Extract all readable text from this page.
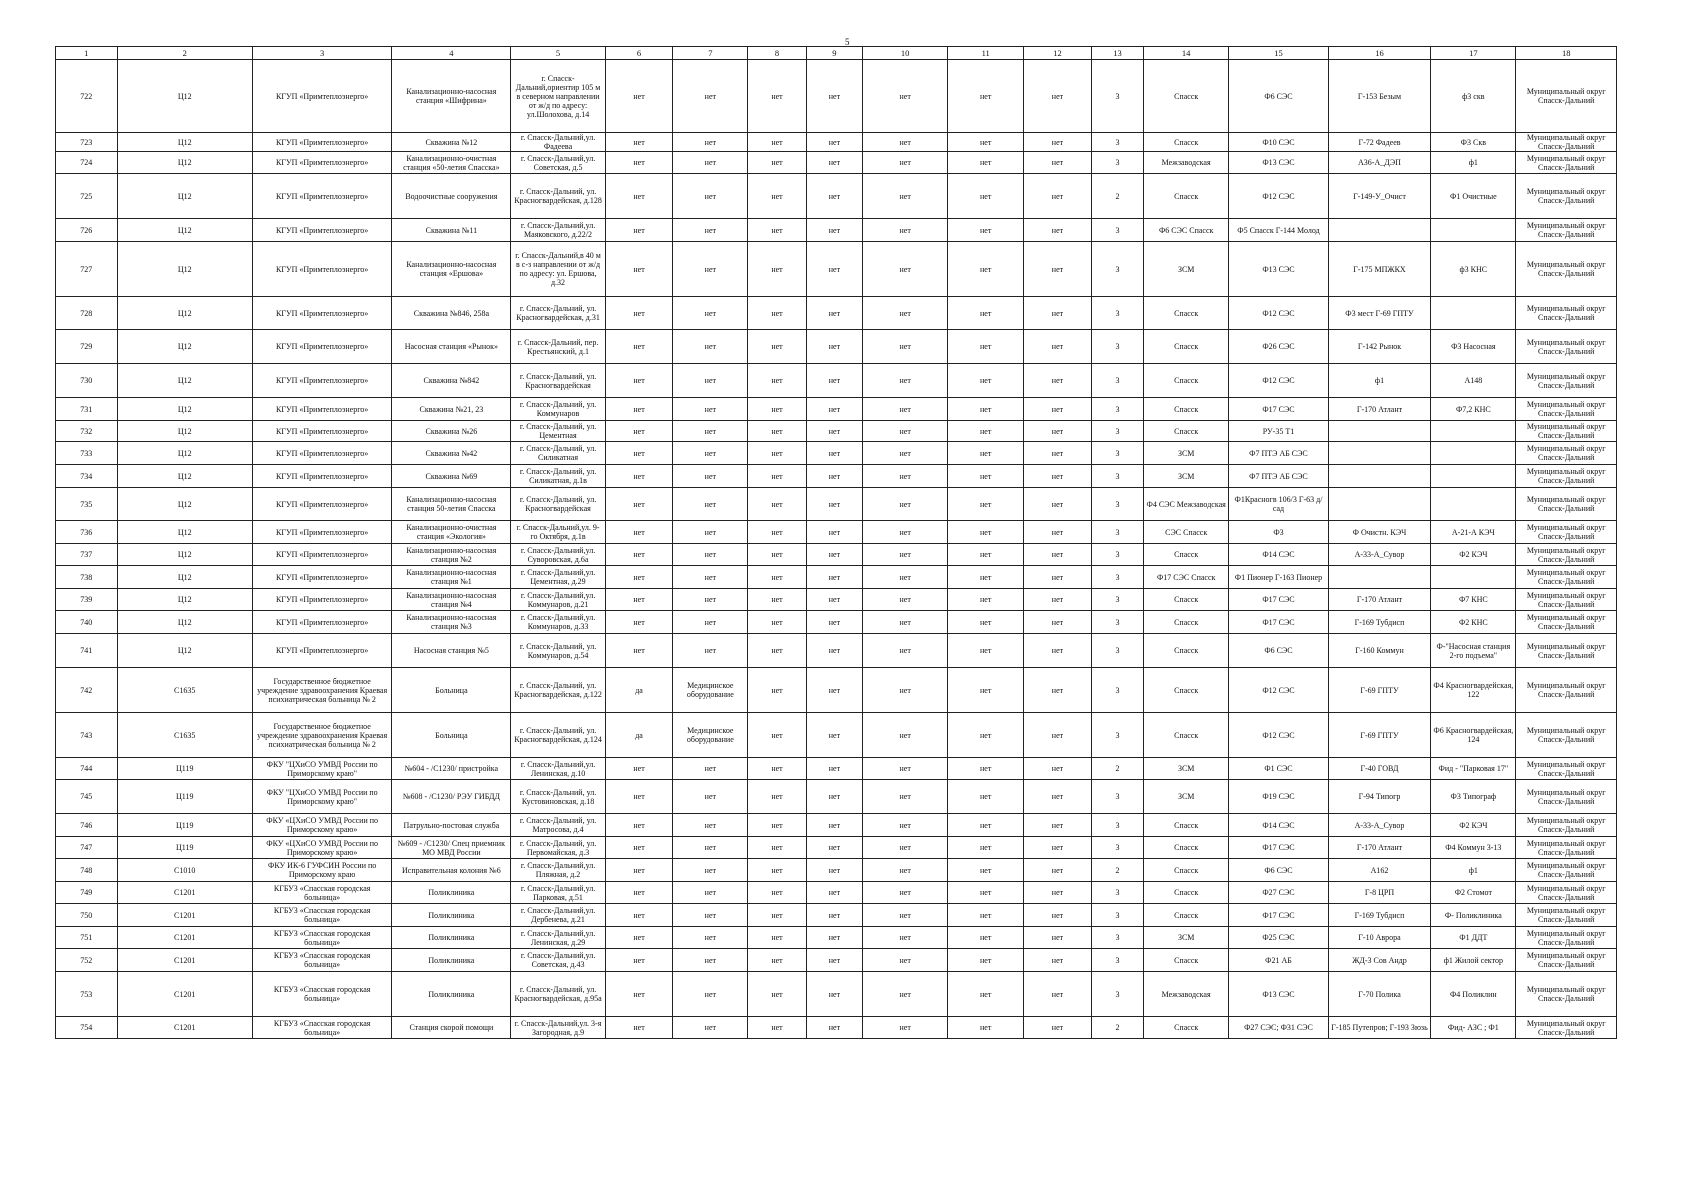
5
1	2	3	4	5	6	7	8	9	10	11	12	13	14	15	16	17	18
722	Ц12	КГУП «Примтеплоэнерго»	Канализационно-насосная станция «Шифрина»	г. Спасск-Дальний,ориентир 105 м в северном направлении от ж/д по адресу: ул.Шолохова, д.14	нет	нет	нет	нет	нет	нет	нет	3	Спасск	Ф6 СЭС	Г-153 Безым	ф3 скв	Муниципальный округ Спасск-Дальний
723	Ц12	КГУП «Примтеплоэнерго»	Скважина №12	г. Спасск-Дальний,ул. Фадеева	нет	нет	нет	нет	нет	нет	нет	3	Спасск	Ф10 СЭС	Г-72 Фадеев	Ф3 Скв	Муниципальный округ Спасск-Дальний
724	Ц12	КГУП «Примтеплоэнерго»	Канализационно-очистная станция «50-летия Спасска»	г. Спасск-Дальний,ул. Советская, д.5	нет	нет	нет	нет	нет	нет	нет	3	Межзаводская	Ф13 СЭС	А36-А_ДЭП	ф1	Муниципальный округ Спасск-Дальний
725	Ц12	КГУП «Примтеплоэнерго»	Водоочистные сооружения	г. Спасск-Дальний, ул. Красногвардейская, д.128	нет	нет	нет	нет	нет	нет	нет	2	Спасск	Ф12 СЭС	Г-149-У_Очист	Ф1 Очистные	Муниципальный округ Спасск-Дальний
726	Ц12	КГУП «Примтеплоэнерго»	Скважина №11	г. Спасск-Дальний,ул. Маяковского, д.22/2	нет	нет	нет	нет	нет	нет	нет	3	Ф6 СЭС Спасск	Ф5 Спасск Г-144 Молод			Муниципальный округ Спасск-Дальний
727	Ц12	КГУП «Примтеплоэнерго»	Канализационно-насосная станция «Ершова»	г. Спасск-Дальний,в 40 м в с-з направлении от ж/д по адресу: ул. Ершова, д.32	нет	нет	нет	нет	нет	нет	нет	3	ЗСМ	Ф13 СЭС	Г-175 МПЖКХ	ф3 КНС	Муниципальный округ Спасск-Дальний
728	Ц12	КГУП «Примтеплоэнерго»	Скважина №846, 258а	г. Спасск-Дальний, ул. Красногвардейская, д.31	нет	нет	нет	нет	нет	нет	нет	3	Спасск	Ф12 СЭС	Ф3 мест Г-69 ГПТУ		Муниципальный округ Спасск-Дальний
729	Ц12	КГУП «Примтеплоэнерго»	Насосная станция «Рынок»	г. Спасск-Дальний, пер. Крестьянский, д.1	нет	нет	нет	нет	нет	нет	нет	3	Спасск	Ф26 СЭС	Г-142 Рынок	Ф3 Насосная	Муниципальный округ Спасск-Дальний
730	Ц12	КГУП «Примтеплоэнерго»	Скважина №842	г. Спасск-Дальний, ул. Красногвардейская	нет	нет	нет	нет	нет	нет	нет	3	Спасск	Ф12 СЭС	ф1	А148	Муниципальный округ Спасск-Дальний
731	Ц12	КГУП «Примтеплоэнерго»	Скважина №21, 23	г. Спасск-Дальний, ул. Коммунаров	нет	нет	нет	нет	нет	нет	нет	3	Спасск	Ф17 СЭС	Г-170 Атлант	Ф7,2 КНС	Муниципальный округ Спасск-Дальний
732	Ц12	КГУП «Примтеплоэнерго»	Скважина №26	г. Спасск-Дальний, ул. Цементная	нет	нет	нет	нет	нет	нет	нет	3	Спасск	РУ-35 Т1			Муниципальный округ Спасск-Дальний
733	Ц12	КГУП «Примтеплоэнерго»	Скважина №42	г. Спасск-Дальний, ул. Силикатная	нет	нет	нет	нет	нет	нет	нет	3	ЗСМ	Ф7 ПТЭ АБ СЭС			Муниципальный округ Спасск-Дальний
734	Ц12	КГУП «Примтеплоэнерго»	Скважина №69	г. Спасск-Дальний, ул. Силикатная, д.1в	нет	нет	нет	нет	нет	нет	нет	3	ЗСМ	Ф7 ПТЭ АБ СЭС			Муниципальный округ Спасск-Дальний
735	Ц12	КГУП «Примтеплоэнерго»	Канализационно-насосная станция 50-летия Спасска	г. Спасск-Дальний, ул. Красногвардейская	нет	нет	нет	нет	нет	нет	нет	3	Ф4 СЭС Межзаводская	Ф1Красногв 106/3 Г-63 д/сад			Муниципальный округ Спасск-Дальний
736	Ц12	КГУП «Примтеплоэнерго»	Канализационно-очистная станция «Экология»	г. Спасск-Дальний,ул. 9-го Октября, д.1в	нет	нет	нет	нет	нет	нет	нет	3	СЭС Спасск	Ф3	Ф Очистн. КЭЧ	А-21-А КЭЧ	Муниципальный округ Спасск-Дальний
737	Ц12	КГУП «Примтеплоэнерго»	Канализационно-насосная станция №2	г. Спасск-Дальний,ул. Суворовская, д.6а	нет	нет	нет	нет	нет	нет	нет	3	Спасск	Ф14 СЭС	А-33-А_Сувор	Ф2 КЭЧ	Муниципальный округ Спасск-Дальний
738	Ц12	КГУП «Примтеплоэнерго»	Канализационно-насосная станция №1	г. Спасск-Дальний,ул. Цементная, д.29	нет	нет	нет	нет	нет	нет	нет	3	Ф17 СЭС Спасск	Ф1 Пионер Г-163 Пионер			Муниципальный округ Спасск-Дальний
739	Ц12	КГУП «Примтеплоэнерго»	Канализационно-насосная станция №4	г. Спасск-Дальний,ул. Коммунаров, д.21	нет	нет	нет	нет	нет	нет	нет	3	Спасск	Ф17 СЭС	Г-170 Атлант	Ф7 КНС	Муниципальный округ Спасск-Дальний
740	Ц12	КГУП «Примтеплоэнерго»	Канализационно-насосная станция №3	г. Спасск-Дальний,ул. Коммунаров, д.33	нет	нет	нет	нет	нет	нет	нет	3	Спасск	Ф17 СЭС	Г-169 Тубдисп	Ф2 КНС	Муниципальный округ Спасск-Дальний
741	Ц12	КГУП «Примтеплоэнерго»	Насосная станция №5	г. Спасск-Дальний, ул. Коммунаров, д.54	нет	нет	нет	нет	нет	нет	нет	3	Спасск	Ф6 СЭС	Г-160 Коммун	Ф-"Насосная станция 2-го подъема"	Муниципальный округ Спасск-Дальний
742	С1635	Государственное бюджетное учреждение здравоохранения Краевая психиатрическая больница № 2	Больница	г. Спасск-Дальний, ул. Красногвардейская, д.122	да	Медицинское оборудование	нет	нет	нет	нет	нет	3	Спасск	Ф12 СЭС	Г-69 ГПТУ	Ф4 Красногвардейская, 122	Муниципальный округ Спасск-Дальний
743	С1635	Государственное бюджетное учреждение здравоохранения Краевая психиатрическая больница № 2	Больница	г. Спасск-Дальний, ул. Красногвардейская, д.124	да	Медицинское оборудование	нет	нет	нет	нет	нет	3	Спасск	Ф12 СЭС	Г-69 ГПТУ	Ф6 Красногвардейская, 124	Муниципальный округ Спасск-Дальний
744	Ц119	ФКУ "ЦХиСО УМВД России по Приморскому краю"	№604 - /С1230/ пристройка	г. Спасск-Дальний,ул. Ленинская, д.10	нет	нет	нет	нет	нет	нет	нет	2	ЗСМ	Ф1 СЭС	Г-40 ГОВД	Фид - "Парковая 17"	Муниципальный округ Спасск-Дальний
745	Ц119	ФКУ "ЦХиСО УМВД России по Приморскому краю"	№608 - /С1230/ РЭУ ГИБДД	г. Спасск-Дальний, ул. Кустовиновская, д.18	нет	нет	нет	нет	нет	нет	нет	3	ЗСМ	Ф19 СЭС	Г-94 Типогр	Ф3 Типограф	Муниципальный округ Спасск-Дальний
746	Ц119	ФКУ «ЦХиСО УМВД России по Приморскому краю»	Патрульно-постовая служба	г. Спасск-Дальний, ул. Матросова, д.4	нет	нет	нет	нет	нет	нет	нет	3	Спасск	Ф14 СЭС	А-33-А_Сувор	Ф2 КЭЧ	Муниципальный округ Спасск-Дальний
747	Ц119	ФКУ «ЦХиСО УМВД России по Приморскому краю»	№609 - /С1230/ Спец приемник МО МВД России	г. Спасск-Дальний, ул. Первомайская, д.3	нет	нет	нет	нет	нет	нет	нет	3	Спасск	Ф17 СЭС	Г-170 Атлант	Ф4 Коммун 3-13	Муниципальный округ Спасск-Дальний
748	С1010	ФКУ ИК-6 ГУФСИН России по Приморскому краю	Исправительная колония №6	г. Спасск-Дальний,ул. Пляжная, д.2	нет	нет	нет	нет	нет	нет	нет	2	Спасск	Ф6 СЭС	А162	ф1	Муниципальный округ Спасск-Дальний
749	С1201	КГБУЗ «Спасская городская больница»	Поликлиника	г. Спасск-Дальний,ул. Парковая, д.51	нет	нет	нет	нет	нет	нет	нет	3	Спасск	Ф27 СЭС	Г-8 ЦРП	Ф2 Стомот	Муниципальный округ Спасск-Дальний
750	С1201	КГБУЗ «Спасская городская больница»	Поликлиника	г. Спасск-Дальний,ул. Дербенева, д.21	нет	нет	нет	нет	нет	нет	нет	3	Спасск	Ф17 СЭС	Г-169 Тубдисп	Ф- Поликлиника	Муниципальный округ Спасск-Дальний
751	С1201	КГБУЗ «Спасская городская больница»	Поликлиника	г. Спасск-Дальний,ул. Ленинская, д.29	нет	нет	нет	нет	нет	нет	нет	3	ЗСМ	Ф25 СЭС	Г-10 Аврора	Ф1 ДДТ	Муниципальный округ Спасск-Дальний
752	С1201	КГБУЗ «Спасская городская больница»	Поликлиника	г. Спасск-Дальний,ул. Советская, д.43	нет	нет	нет	нет	нет	нет	нет	3	Спасск	Ф21 АБ	ЖД-3 Сов Андр	ф1 Жилой сектор	Муниципальный округ Спасск-Дальний
753	С1201	КГБУЗ «Спасская городская больница»	Поликлиника	г. Спасск-Дальний, ул. Красногвардейская, д.95а	нет	нет	нет	нет	нет	нет	нет	3	Межзаводская	Ф13 СЭС	Г-70 Полика	Ф4 Поликлин	Муниципальный округ Спасск-Дальний
754	С1201	КГБУЗ «Спасская городская больница»	Станция скорой помощи	г. Спасск-Дальний,ул. 3-я Загородная, д.9	нет	нет	нет	нет	нет	нет	нет	2	Спасск	Ф27 СЭС; Ф31 СЭС	Г-185 Путепров; Г-193 Зюзь	Фид- АЗС ; Ф1	Муниципальный округ Спасск-Дальний
